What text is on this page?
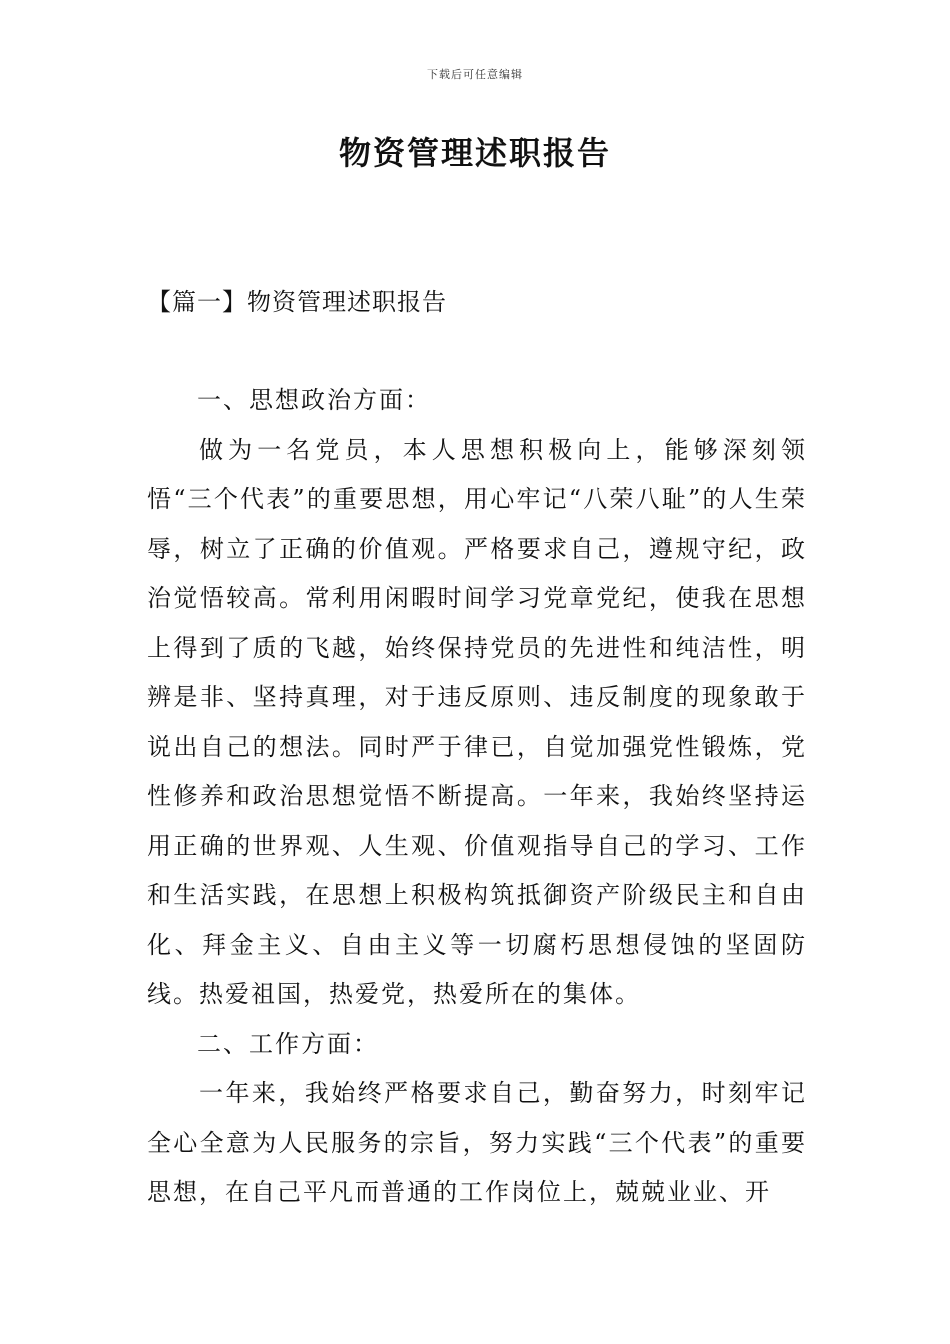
下载后可任意编辑
物资管理述职报告
【篇一】物资管理述职报告

一、思想政治方面：

做为一名党员，本人思想积极向上，能够深刻领悟“三个代表”的重要思想，用心牢记“八荣八耻”的人生荣辱，树立了正确的价值观。严格要求自己，遵规守纪，政治觉悟较高。常利用闲暇时间学习党章党纪，使我在思想上得到了质的飞越，始终保持党员的先进性和纯洁性，明辨是非、坚持真理，对于违反原则、违反制度的现象敢于说出自己的想法。同时严于律已，自觉加强党性锻炼，党性修养和政治思想觉悟不断提高。一年来，我始终坚持运用正确的世界观、人生观、价值观指导自己的学习、工作和生活实践，在思想上积极构筑抵御资产阶级民主和自由化、拜金主义、自由主义等一切腐朽思想侵蚀的坚固防线。热爱祖国，热爱党，热爱所在的集体。

二、工作方面：

一年来，我始终严格要求自己，勤奋努力，时刻牢记全心全意为人民服务的宗旨，努力实践“三个代表”的重要思想，在自己平凡而普通的工作岗位上，兢兢业业、开
